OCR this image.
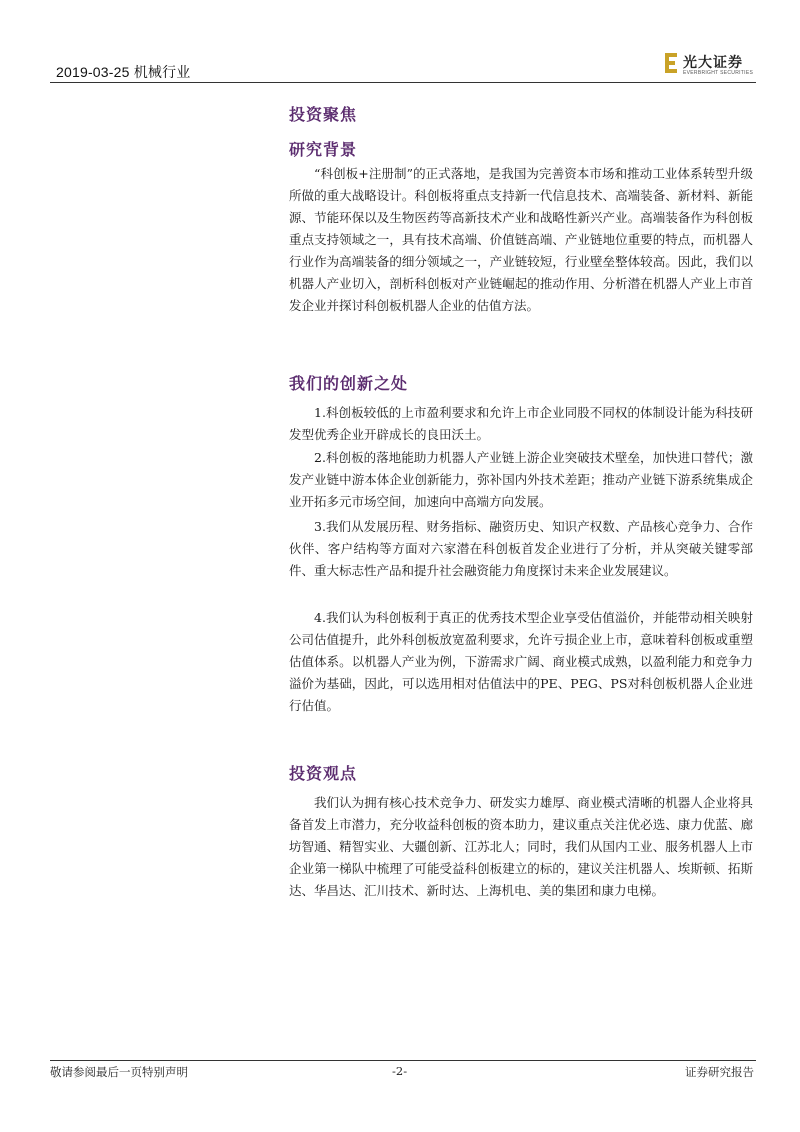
2019-03-25 机械行业
光大证券
EVERBRIGHT SECURITIES
投资聚焦
研究背景

“科创板+注册制”的正式落地，是我国为完善资本市场和推动工业体系转型升级所做的重大战略设计。科创板将重点支持新一代信息技术、高端装备、新材料、新能源、节能环保以及生物医药等高新技术产业和战略性新兴产业。高端装备作为科创板重点支持领域之一，具有技术高端、价值链高端、产业链地位重要的特点，而机器人行业作为高端装备的细分领域之一，产业链较短，行业壁垒整体较高。因此，我们以机器人产业切入，剖析科创板对产业链崛起的推动作用、分析潜在机器人产业上市首发企业并探讨科创板机器人企业的估值方法。

我们的创新之处

1.科创板较低的上市盈利要求和允许上市企业同股不同权的体制设计能为科技研发型优秀企业开辟成长的良田沃土。

2.科创板的落地能助力机器人产业链上游企业突破技术壁垒，加快进口替代；激发产业链中游本体企业创新能力，弥补国内外技术差距；推动产业链下游系统集成企业开拓多元市场空间，加速向中高端方向发展。

3.我们从发展历程、财务指标、融资历史、知识产权数、产品核心竞争力、合作伙伴、客户结构等方面对六家潜在科创板首发企业进行了分析，并从突破关键零部件、重大标志性产品和提升社会融资能力角度探讨未来企业发展建议。

4.我们认为科创板利于真正的优秀技术型企业享受估值溢价，并能带动相关映射公司估值提升，此外科创板放宽盈利要求，允许亏损企业上市，意味着科创板或重塑估值体系。以机器人产业为例，下游需求广阔、商业模式成熟，以盈利能力和竞争力溢价为基础，因此，可以选用相对估值法中的PE、PEG、PS对科创板机器人企业进行估值。

投资观点

我们认为拥有核心技术竞争力、研发实力雄厚、商业模式清晰的机器人企业将具备首发上市潜力，充分收益科创板的资本助力，建议重点关注优必选、康力优蓝、廊坊智通、精智实业、大疆创新、江苏北人；同时，我们从国内工业、服务机器人上市企业第一梯队中梳理了可能受益科创板建立的标的，建议关注机器人、埃斯顿、拓斯达、华昌达、汇川技术、新时达、上海机电、美的集团和康力电梯。

敬请参阅最后一页特别声明	-2-	证券研究报告
